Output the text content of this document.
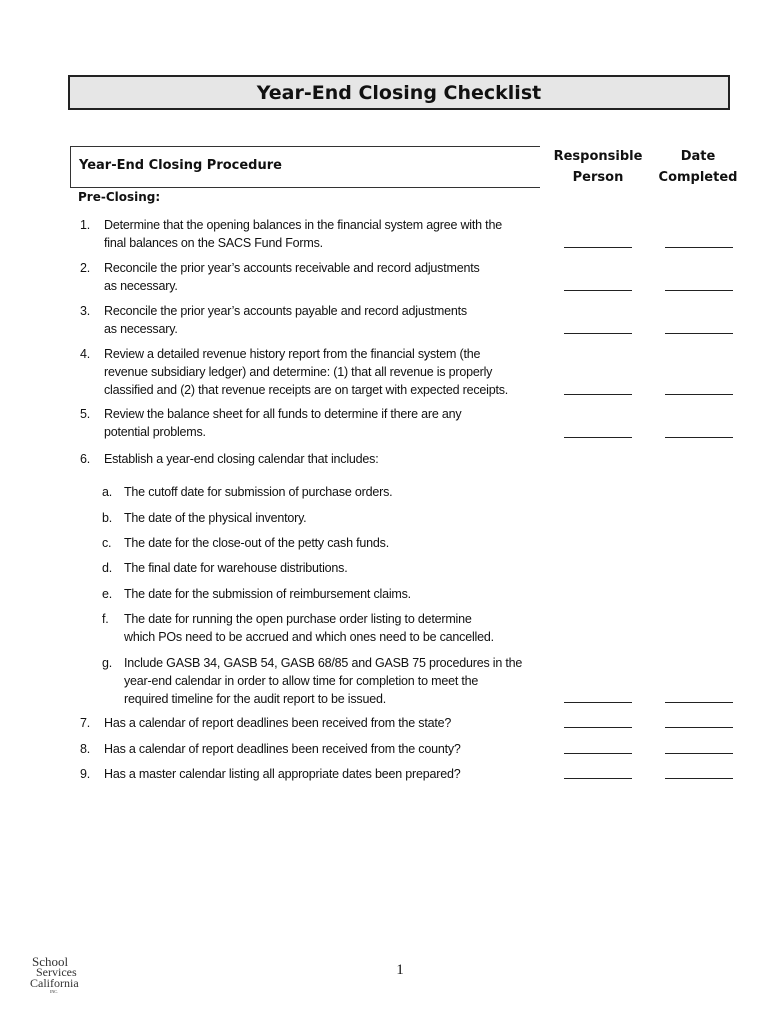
Year-End Closing Checklist
Year-End Closing Procedure
Responsible
Person
Date
Completed
Pre-Closing:
1. Determine that the opening balances in the financial system agree with the
final balances on the SACS Fund Forms.
2. Reconcile the prior year’s accounts receivable and record adjustments
as necessary.
3. Reconcile the prior year’s accounts payable and record adjustments
as necessary.
4. Review a detailed revenue history report from the financial system (the
revenue subsidiary ledger) and determine: (1) that all revenue is properly
classified and (2) that revenue receipts are on target with expected receipts.
5. Review the balance sheet for all funds to determine if there are any
potential problems.
6. Establish a year-end closing calendar that includes:
a. The cutoff date for submission of purchase orders.
b. The date of the physical inventory.
c. The date for the close-out of the petty cash funds.
d. The final date for warehouse distributions.
e. The date for the submission of reimbursement claims.
f. The date for running the open purchase order listing to determine
which POs need to be accrued and which ones need to be cancelled.
g. Include GASB 34, GASB 54, GASB 68/85 and GASB 75 procedures in the
year-end calendar in order to allow time for completion to meet the
required timeline for the audit report to be issued.
7. Has a calendar of report deadlines been received from the state?
8. Has a calendar of report deadlines been received from the county?
9. Has a master calendar listing all appropriate dates been prepared?
School
Services
California
INC.
1
